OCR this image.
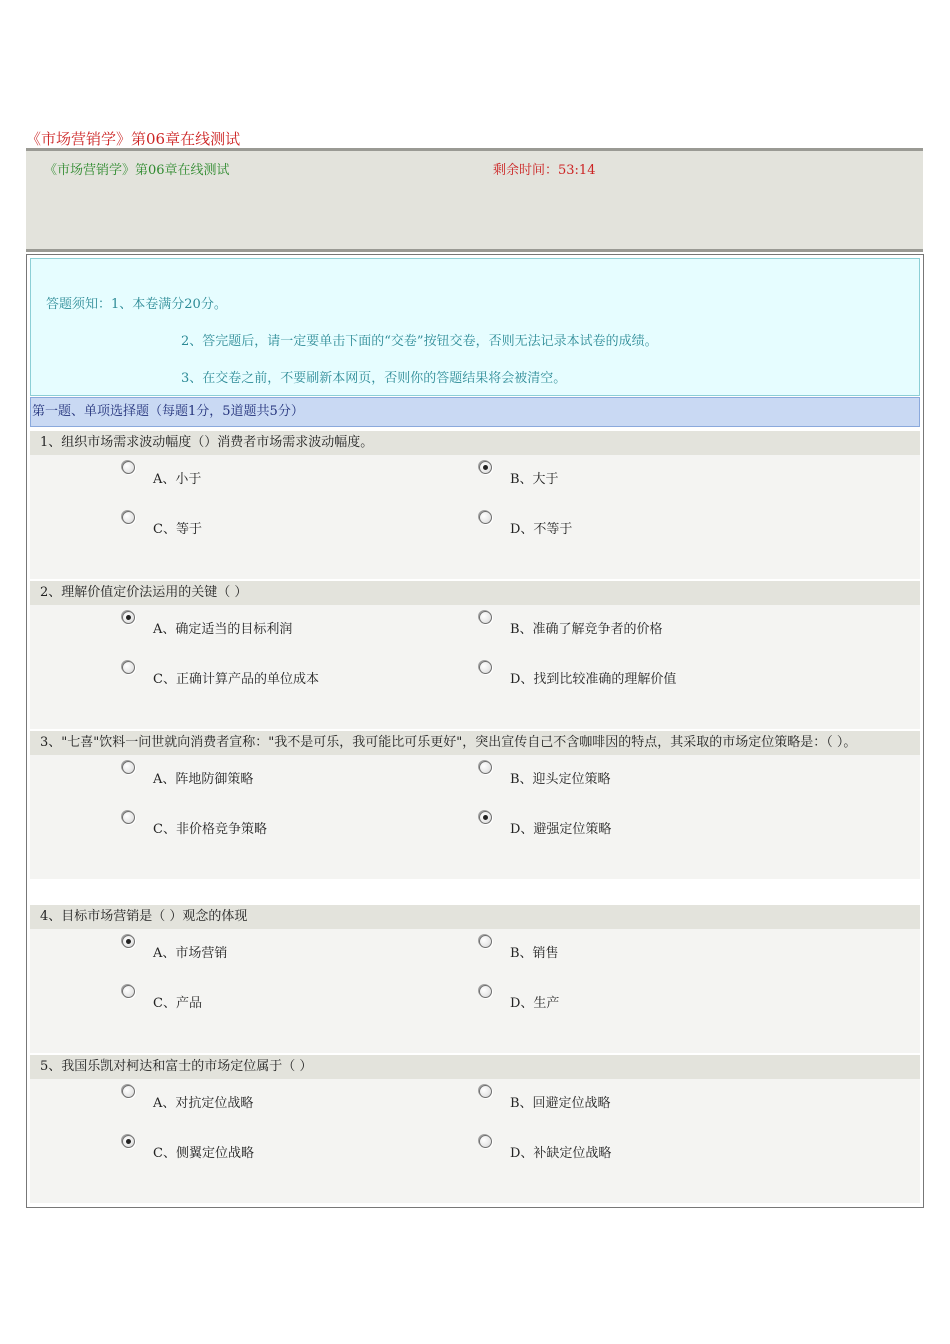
《市场营销学》第06章在线测试
《市场营销学》第06章在线测试	剩余时间：53:14
答题须知：1、本卷满分20分。
2、答完题后，请一定要单击下面的“交卷”按钮交卷，否则无法记录本试卷的成绩。
3、在交卷之前，不要刷新本网页，否则你的答题结果将会被清空。
第一题、单项选择题（每题1分，5道题共5分）
1、组织市场需求波动幅度（）消费者市场需求波动幅度。
A、小于	B、大于
C、等于	D、不等于
2、理解价值定价法运用的关键（ ）
A、确定适当的目标利润	B、准确了解竞争者的价格
C、正确计算产品的单位成本	D、找到比较准确的理解价值
3、"七喜"饮料一问世就向消费者宣称："我不是可乐，我可能比可乐更好"，突出宣传自己不含咖啡因的特点，其采取的市场定位策略是：（ ）。
A、阵地防御策略	B、迎头定位策略
C、非价格竞争策略	D、避强定位策略
4、目标市场营销是（ ）观念的体现
A、市场营销	B、销售
C、产品	D、生产
5、我国乐凯对柯达和富士的市场定位属于（ ）
A、对抗定位战略	B、回避定位战略
C、侧翼定位战略	D、补缺定位战略
